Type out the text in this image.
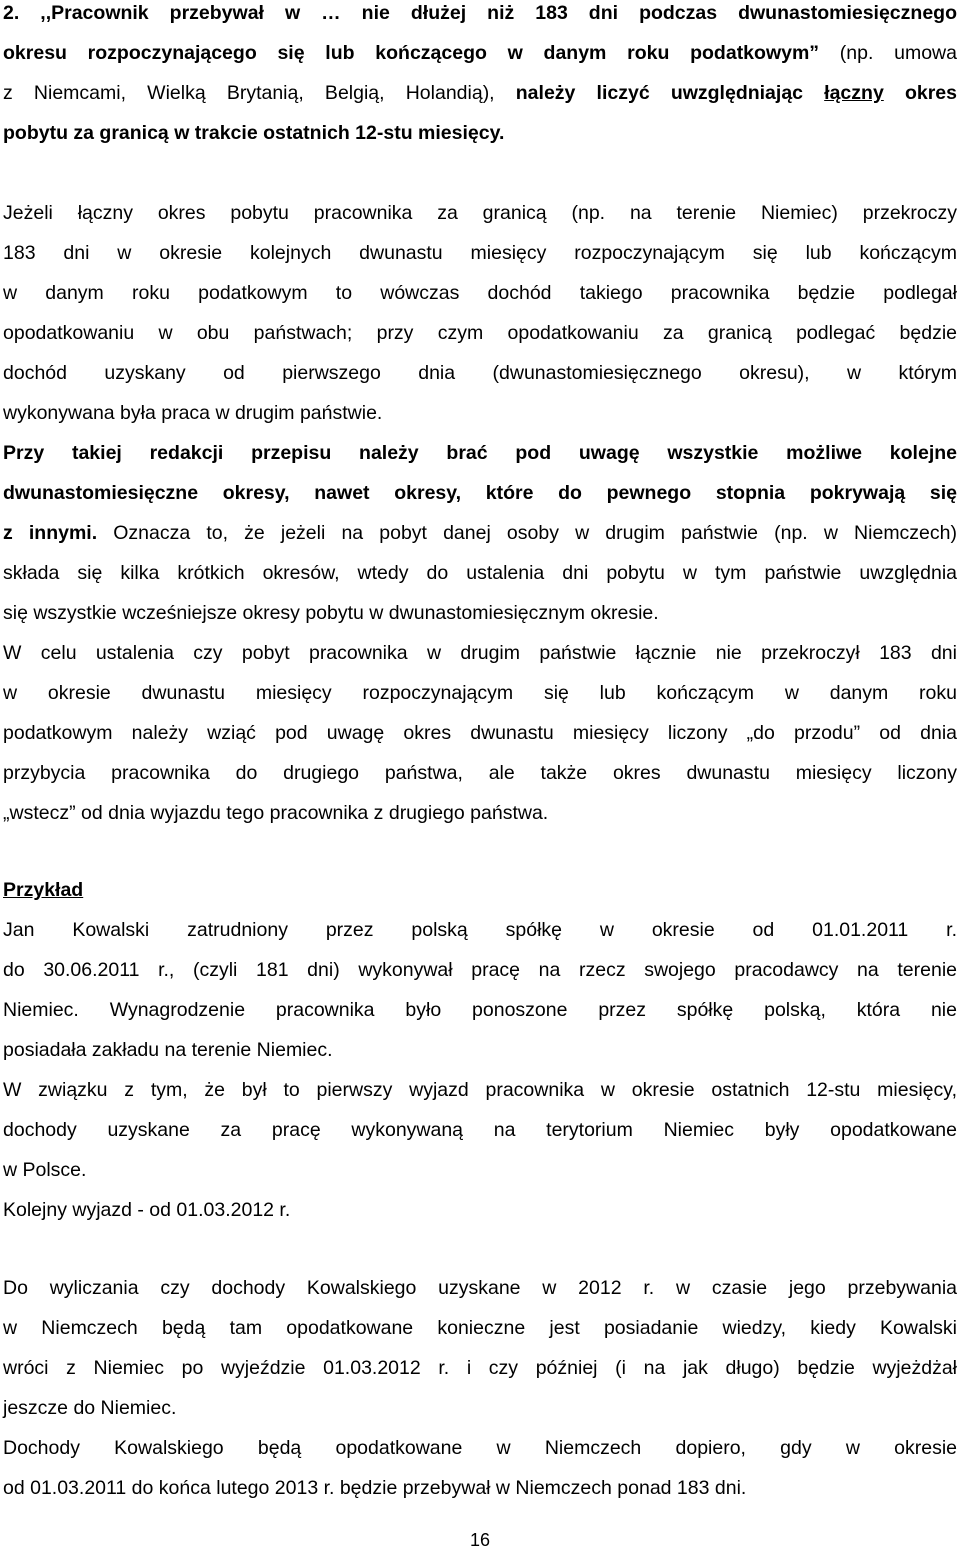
2. ,,Pracownik przebywał w … nie dłużej niż 183 dni podczas dwunastomiesięcznego
okresu rozpoczynającego się lub kończącego w danym roku podatkowym” (np. umowa
z Niemcami, Wielką Brytanią, Belgią, Holandią), należy liczyć uwzględniając łączny okres
pobytu za granicą w trakcie ostatnich 12-stu miesięcy.
Jeżeli łączny okres pobytu pracownika za granicą (np. na terenie Niemiec) przekroczy
183 dni w okresie kolejnych dwunastu miesięcy rozpoczynającym się lub kończącym
w danym roku podatkowym to wówczas dochód takiego pracownika będzie podlegał
opodatkowaniu w obu państwach; przy czym opodatkowaniu za granicą podlegać będzie
dochód uzyskany od pierwszego dnia (dwunastomiesięcznego okresu), w którym
wykonywana była praca w drugim państwie.
Przy takiej redakcji przepisu należy brać pod uwagę wszystkie możliwe kolejne
dwunastomiesięczne okresy, nawet okresy, które do pewnego stopnia pokrywają się
z innymi. Oznacza to, że jeżeli na pobyt danej osoby w drugim państwie (np. w Niemczech)
składa się kilka krótkich okresów, wtedy do ustalenia dni pobytu w tym państwie uwzględnia
się wszystkie wcześniejsze okresy pobytu w dwunastomiesięcznym okresie.
W celu ustalenia czy pobyt pracownika w drugim państwie łącznie nie przekroczył 183 dni
w okresie dwunastu miesięcy rozpoczynającym się lub kończącym w danym roku
podatkowym należy wziąć pod uwagę okres dwunastu miesięcy liczony „do przodu” od dnia
przybycia pracownika do drugiego państwa, ale także okres dwunastu miesięcy liczony
„wstecz” od dnia wyjazdu tego pracownika z drugiego państwa.
Przykład
Jan Kowalski zatrudniony przez polską spółkę w okresie od 01.01.2011 r.
do 30.06.2011 r., (czyli 181 dni) wykonywał pracę na rzecz swojego pracodawcy na terenie
Niemiec. Wynagrodzenie pracownika było ponoszone przez spółkę polską, która nie
posiadała zakładu na terenie Niemiec.
W związku z tym, że był to pierwszy wyjazd pracownika w okresie ostatnich 12-stu miesięcy,
dochody uzyskane za pracę wykonywaną na terytorium Niemiec były opodatkowane
w Polsce.
Kolejny wyjazd - od 01.03.2012 r.
Do wyliczania czy dochody Kowalskiego uzyskane w 2012 r. w czasie jego przebywania
w Niemczech będą tam opodatkowane konieczne jest posiadanie wiedzy, kiedy Kowalski
wróci z Niemiec po wyjeździe 01.03.2012 r. i czy później (i na jak długo) będzie wyjeżdżał
jeszcze do Niemiec.
Dochody Kowalskiego będą opodatkowane w Niemczech dopiero, gdy w okresie
od 01.03.2011 do końca lutego 2013 r. będzie przebywał w Niemczech ponad 183 dni.
16
